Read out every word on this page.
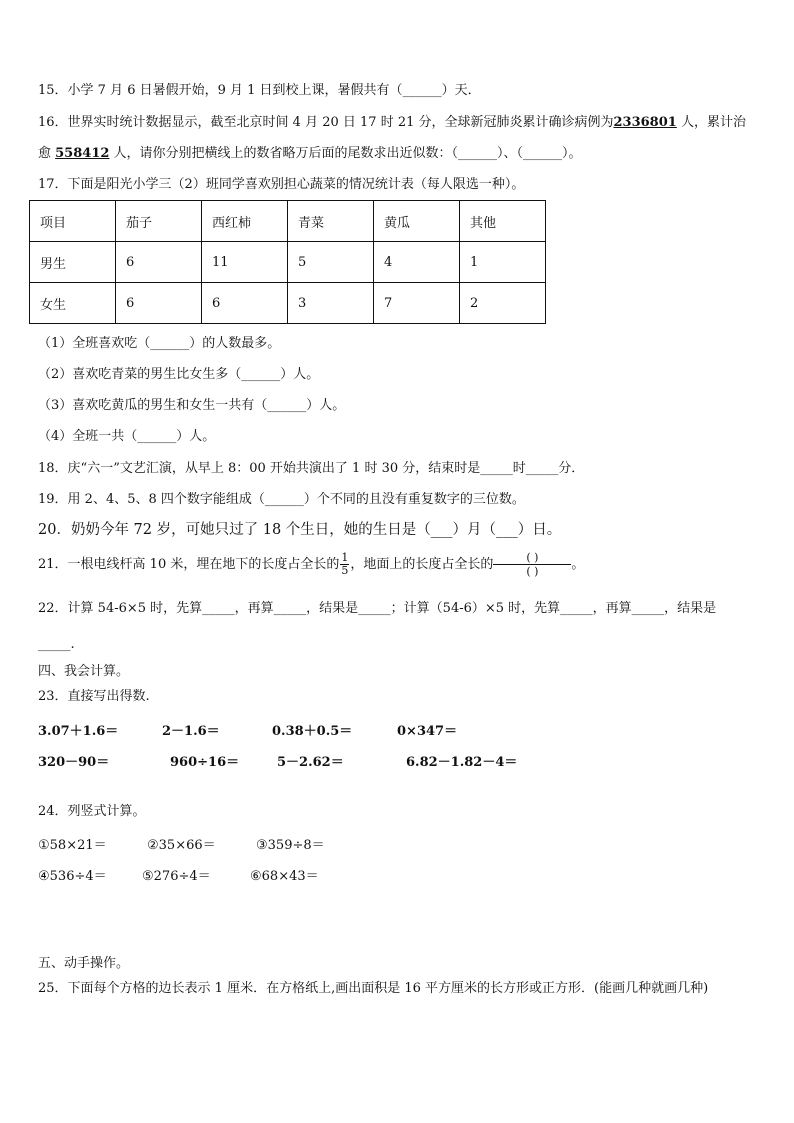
15．小学 7 月 6 日暑假开始，9 月 1 日到校上课，暑假共有（______）天．
16．世界实时统计数据显示，截至北京时间 4 月 20 日 17 时 21 分，全球新冠肺炎累计确诊病例为2336801 人，累计治
愈 558412 人，请你分别把横线上的数省略万后面的尾数求出近似数：（______）、（______）。
17．下面是阳光小学三（2）班同学喜欢别担心蔬菜的情况统计表（每人限选一种）。
项目	茄子	西红柿	青菜	黄瓜	其他
男生	6	11	5	4	1
女生	6	6	3	7	2
（1）全班喜欢吃（______）的人数最多。
（2）喜欢吃青菜的男生比女生多（______）人。
（3）喜欢吃黄瓜的男生和女生一共有（______）人。
（4）全班一共（______）人。
18．庆“六一”文艺汇演，从早上 8：00 开始共演出了 1 时 30 分，结束时是_____时_____分．
19．用 2、4、5、8 四个数字能组成（______）个不同的且没有重复数字的三位数。
20．奶奶今年 72 岁，可她只过了 18 个生日，她的生日是（___）月（___）日。
21．一根电线杆高 10 米，埋在地下的长度占全长的 $\frac{1}{5}$ ，地面上的长度占全长的	( )
( )	。
22．计算 54-6×5 时，先算_____，再算_____，结果是_____；计算（54-6）×5 时，先算_____，再算_____，结果是
_____.
四、我会计算。
23．直接写出得数.
3.07＋1.6＝	2－1.6＝	0.38＋0.5＝	0×347＝
320－90＝	960÷16＝	5－2.62＝	6.82－1.82－4＝
24．列竖式计算。
①58×21＝	②35×66＝	③359÷8＝
④536÷4＝	⑤276÷4＝	⑥68×43＝
五、动手操作。
25．下面每个方格的边长表示 1 厘米．在方格纸上,画出面积是 16 平方厘米的长方形或正方形．(能画几种就画几种)
